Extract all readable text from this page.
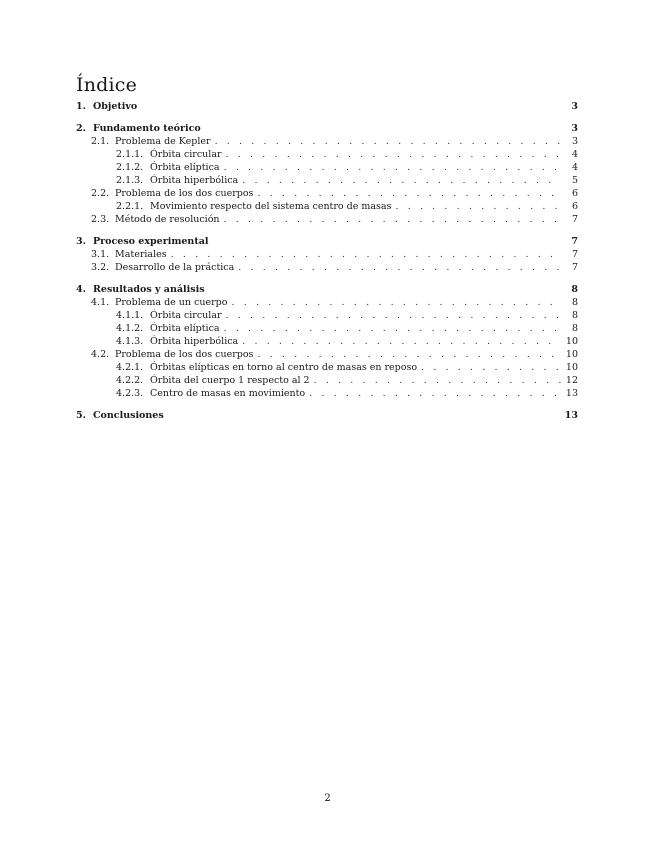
Índice
1. Objetivo	3
2. Fundamento teórico	3
2.1. Problema de Kepler . . .	3
2.1.1. Órbita circular . . .	4
2.1.2. Órbita elíptica . . .	4
2.1.3. Órbita hiperbólica . . .	5
2.2. Problema de los dos cuerpos . . .	6
2.2.1. Movimiento respecto del sistema centro de masas . . .	6
2.3. Método de resolución . . .	7
3. Proceso experimental	7
3.1. Materiales . . .	7
3.2. Desarrollo de la práctica . . .	7
4. Resultados y análisis	8
4.1. Problema de un cuerpo . . .	8
4.1.1. Órbita circular . . .	8
4.1.2. Órbita elíptica . . .	8
4.1.3. Órbita hiperbólica . . .	10
4.2. Problema de los dos cuerpos . . .	10
4.2.1. Órbitas elípticas en torno al centro de masas en reposo . . .	10
4.2.2. Órbita del cuerpo 1 respecto al 2 . . .	12
4.2.3. Centro de masas en movimiento . . .	13
5. Conclusiones	13
2
